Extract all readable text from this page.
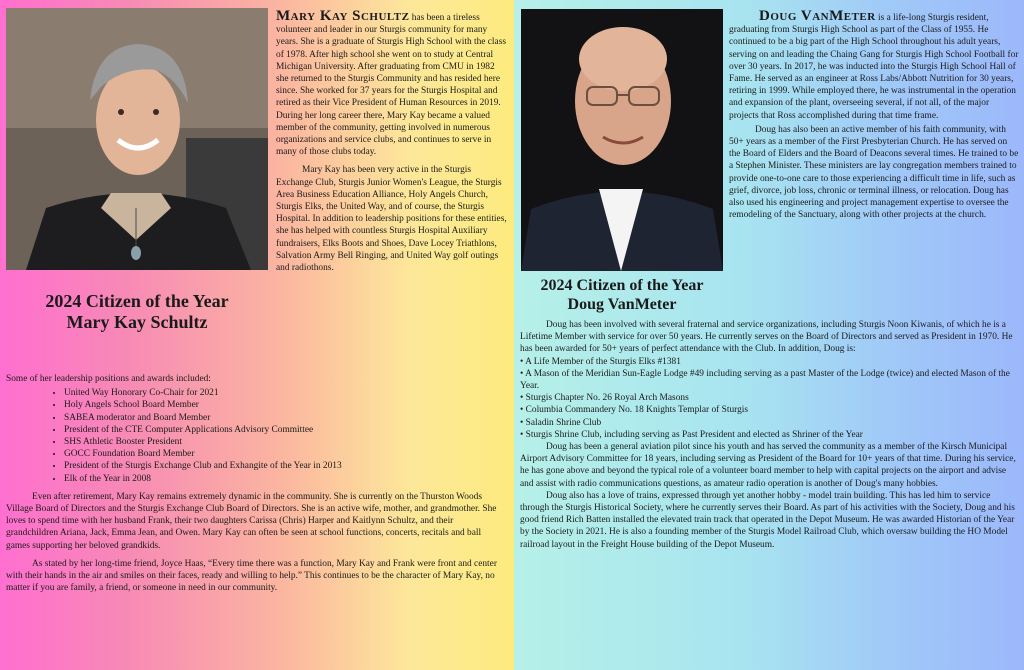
Mary Kay Schultz has been a tireless volunteer and leader in our Sturgis community for many years. She is a graduate of Sturgis High School with the class of 1978. After high school she went on to study at Central Michigan University. After graduating from CMU in 1982 she returned to the Sturgis Community and has resided here since. She worked for 37 years for the Sturgis Hospital and retired as their Vice President of Human Resources in 2019. During her long career there, Mary Kay became a valued member of the community, getting involved in numerous organizations and service clubs, and continues to serve in many of those clubs today.

Mary Kay has been very active in the Sturgis Exchange Club, Sturgis Junior Women's League, the Sturgis Area Business Education Alliance, Holy Angels Church, Sturgis Elks, the United Way, and of course, the Sturgis Hospital. In addition to leadership positions for these entities, she has helped with countless Sturgis Hospital Auxiliary fundraisers, Elks Boots and Shoes, Dave Locey Triathlons, Salvation Army Bell Ringing, and United Way golf outings and radiothons.

2024 Citizen of the Year
Mary Kay Schultz

Some of her leadership positions and awards included:

• United Way Honorary Co-Chair for 2021
• Holy Angels School Board Member
• SABEA moderator and Board Member
• President of the CTE Computer Applications Advisory Committee
• SHS Athletic Booster President
• GOCC Foundation Board Member
• President of the Sturgis Exchange Club and Exhangite of the Year in 2013
• Elk of the Year in 2008

Even after retirement, Mary Kay remains extremely dynamic in the community. She is currently on the Thurston Woods Village Board of Directors and the Sturgis Exchange Club Board of Directors. She is an active wife, mother, and grandmother. She loves to spend time with her husband Frank, their two daughters Carissa (Chris) Harper and Kaitlynn Schultz, and their grandchildren Ariana, Jack, Emma Jean, and Owen. Mary Kay can often be seen at school functions, concerts, recitals and ball games supporting her beloved grandkids.

As stated by her long-time friend, Joyce Haas, “Every time there was a function, Mary Kay and Frank were front and center with their hands in the air and smiles on their faces, ready and willing to help.” This continues to be the character of Mary Kay, no matter if you are family, a friend, or someone in need in our community.

Doug VanMeter is a life-long Sturgis resident, graduating from Sturgis High School as part of the Class of 1955. He continued to be a big part of the High School throughout his adult years, serving on and leading the Chaing Gang for Sturgis High School Football for over 30 years. In 2017, he was inducted into the Sturgis High School Hall of Fame. He served as an engineer at Ross Labs/Abbott Nutrition for 30 years, retiring in 1999. While employed there, he was instrumental in the operation and expansion of the plant, overseeing several, if not all, of the major projects that Ross accomplished during that time frame.

Doug has also been an active member of his faith community, with 50+ years as a member of the First Presbyterian Church. He has served on the Board of Elders and the Board of Deacons several times. He trained to be a Stephen Minister. These ministers are lay congregation members trained to provide one-to-one care to those experiencing a difficult time in life, such as grief, divorce, job loss, chronic or terminal illness, or relocation. Doug has also used his engineering and project management expertise to oversee the remodeling of the Sanctuary, along with other projects at the church.

2024 Citizen of the Year
Doug VanMeter

Doug has been involved with several fraternal and service organizations, including Sturgis Noon Kiwanis, of which he is a Lifetime Member with service for over 50 years. He currently serves on the Board of Directors and served as President in 1970. He has been awarded for 50+ years of perfect attendance with the Club. In addition, Doug is:

• A Life Member of the Sturgis Elks #1381

• A Mason of the Meridian Sun-Eagle Lodge #49 including serving as a past Master of the Lodge (twice) and elected Mason of the Year.

• Sturgis Chapter No. 26 Royal Arch Masons

• Columbia Commandery No. 18 Knights Templar of Sturgis

• Saladin Shrine Club

• Sturgis Shrine Club, including serving as Past President and elected as Shriner of the Year

Doug has been a general aviation pilot since his youth and has served the community as a member of the Kirsch Municipal Airport Advisory Committee for 18 years, including serving as President of the Board for 10+ years of that time. During his service, he has gone above and beyond the typical role of a volunteer board member to help with capital projects on the airport and advise and assist with radio communications questions, as amateur radio operation is another of Doug's many hobbies.

Doug also has a love of trains, expressed through yet another hobby - model train building. This has led him to service through the Sturgis Historical Society, where he currently serves their Board. As part of his activities with the Society, Doug and his good friend Rich Batten installed the elevated train track that operated in the Depot Museum. He was awarded Historian of the Year by the Society in 2021. He is also a founding member of the Sturgis Model Railroad Club, which oversaw building the HO Model railroad layout in the Freight House building of the Depot Museum.
